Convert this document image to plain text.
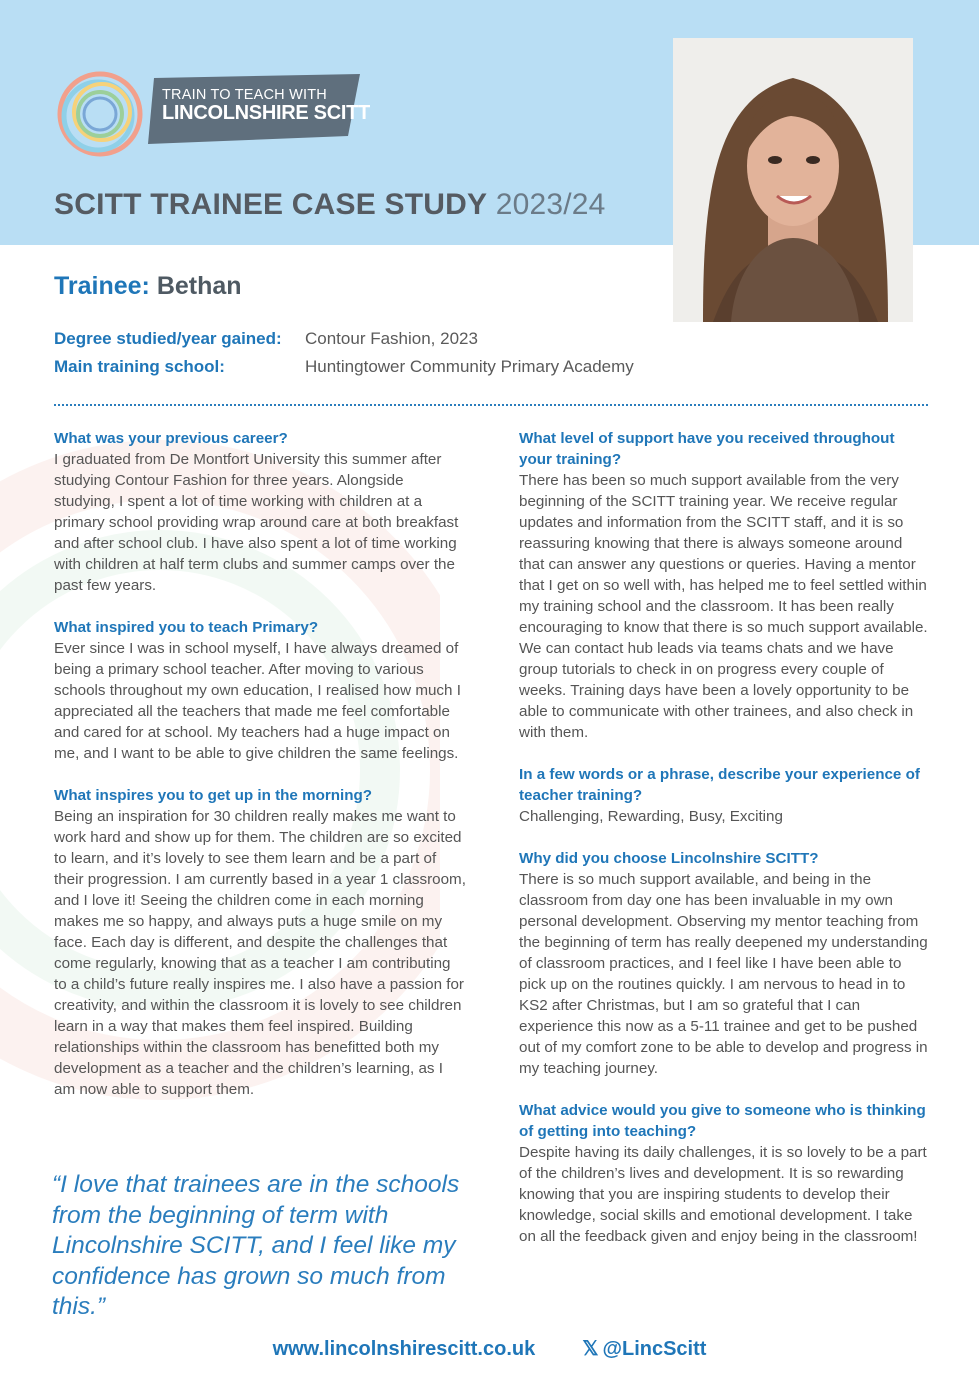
TRAIN TO TEACH WITH
LINCOLNSHIRE SCITT
SCITT TRAINEE CASE STUDY 2023/24
Trainee: Bethan
Degree studied/year gained: Contour Fashion, 2023
Main training school:	Huntingtower Community Primary Academy
What was your previous career?
I graduated from De Montfort University this summer after studying Contour Fashion for three years. Alongside studying, I spent a lot of time working with children at a primary school providing wrap around care at both breakfast and after school club. I have also spent a lot of time working with children at half term clubs and summer camps over the past few years.
What inspired you to teach Primary?
Ever since I was in school myself, I have always dreamed of being a primary school teacher. After moving to various schools throughout my own education, I realised how much I appreciated all the teachers that made me feel comfortable and cared for at school. My teachers had a huge impact on me, and I want to be able to give children the same feelings.
What inspires you to get up in the morning?
Being an inspiration for 30 children really makes me want to work hard and show up for them. The children are so excited to learn, and it’s lovely to see them learn and be a part of their progression. I am currently based in a year 1 classroom, and I love it! Seeing the children come in each morning makes me so happy, and always puts a huge smile on my face. Each day is different, and despite the challenges that come regularly, knowing that as a teacher I am contributing to a child’s future really inspires me. I also have a passion for creativity, and within the classroom it is lovely to see children learn in a way that makes them feel inspired. Building relationships within the classroom has benefitted both my development as a teacher and the children’s learning, as I am now able to support them.
“I love that trainees are in the schools from the beginning of term with Lincolnshire SCITT, and I feel like my confidence has grown so much from this.”
What level of support have you received throughout your training?
There has been so much support available from the very beginning of the SCITT training year. We receive regular updates and information from the SCITT staff, and it is so reassuring knowing that there is always someone around that can answer any questions or queries. Having a mentor that I get on so well with, has helped me to feel settled within my training school and the classroom. It has been really encouraging to know that there is so much support available. We can contact hub leads via teams chats and we have group tutorials to check in on progress every couple of weeks. Training days have been a lovely opportunity to be able to communicate with other trainees, and also check in with them.
In a few words or a phrase, describe your experience of teacher training?
Challenging, Rewarding, Busy, Exciting
Why did you choose Lincolnshire SCITT?
There is so much support available, and being in the classroom from day one has been invaluable in my own personal development. Observing my mentor teaching from the beginning of term has really deepened my understanding of classroom practices, and I feel like I have been able to pick up on the routines quickly. I am nervous to head in to KS2 after Christmas, but I am so grateful that I can experience this now as a 5-11 trainee and get to be pushed out of my comfort zone to be able to develop and progress in my teaching journey.
What advice would you give to someone who is thinking of getting into teaching?
Despite having its daily challenges, it is so lovely to be a part of the children’s lives and development. It is so rewarding knowing that you are inspiring students to develop their knowledge, social skills and emotional development. I take on all the feedback given and enjoy being in the classroom!
www.lincolnshirescitt.co.uk 𝕏 @LincScitt
